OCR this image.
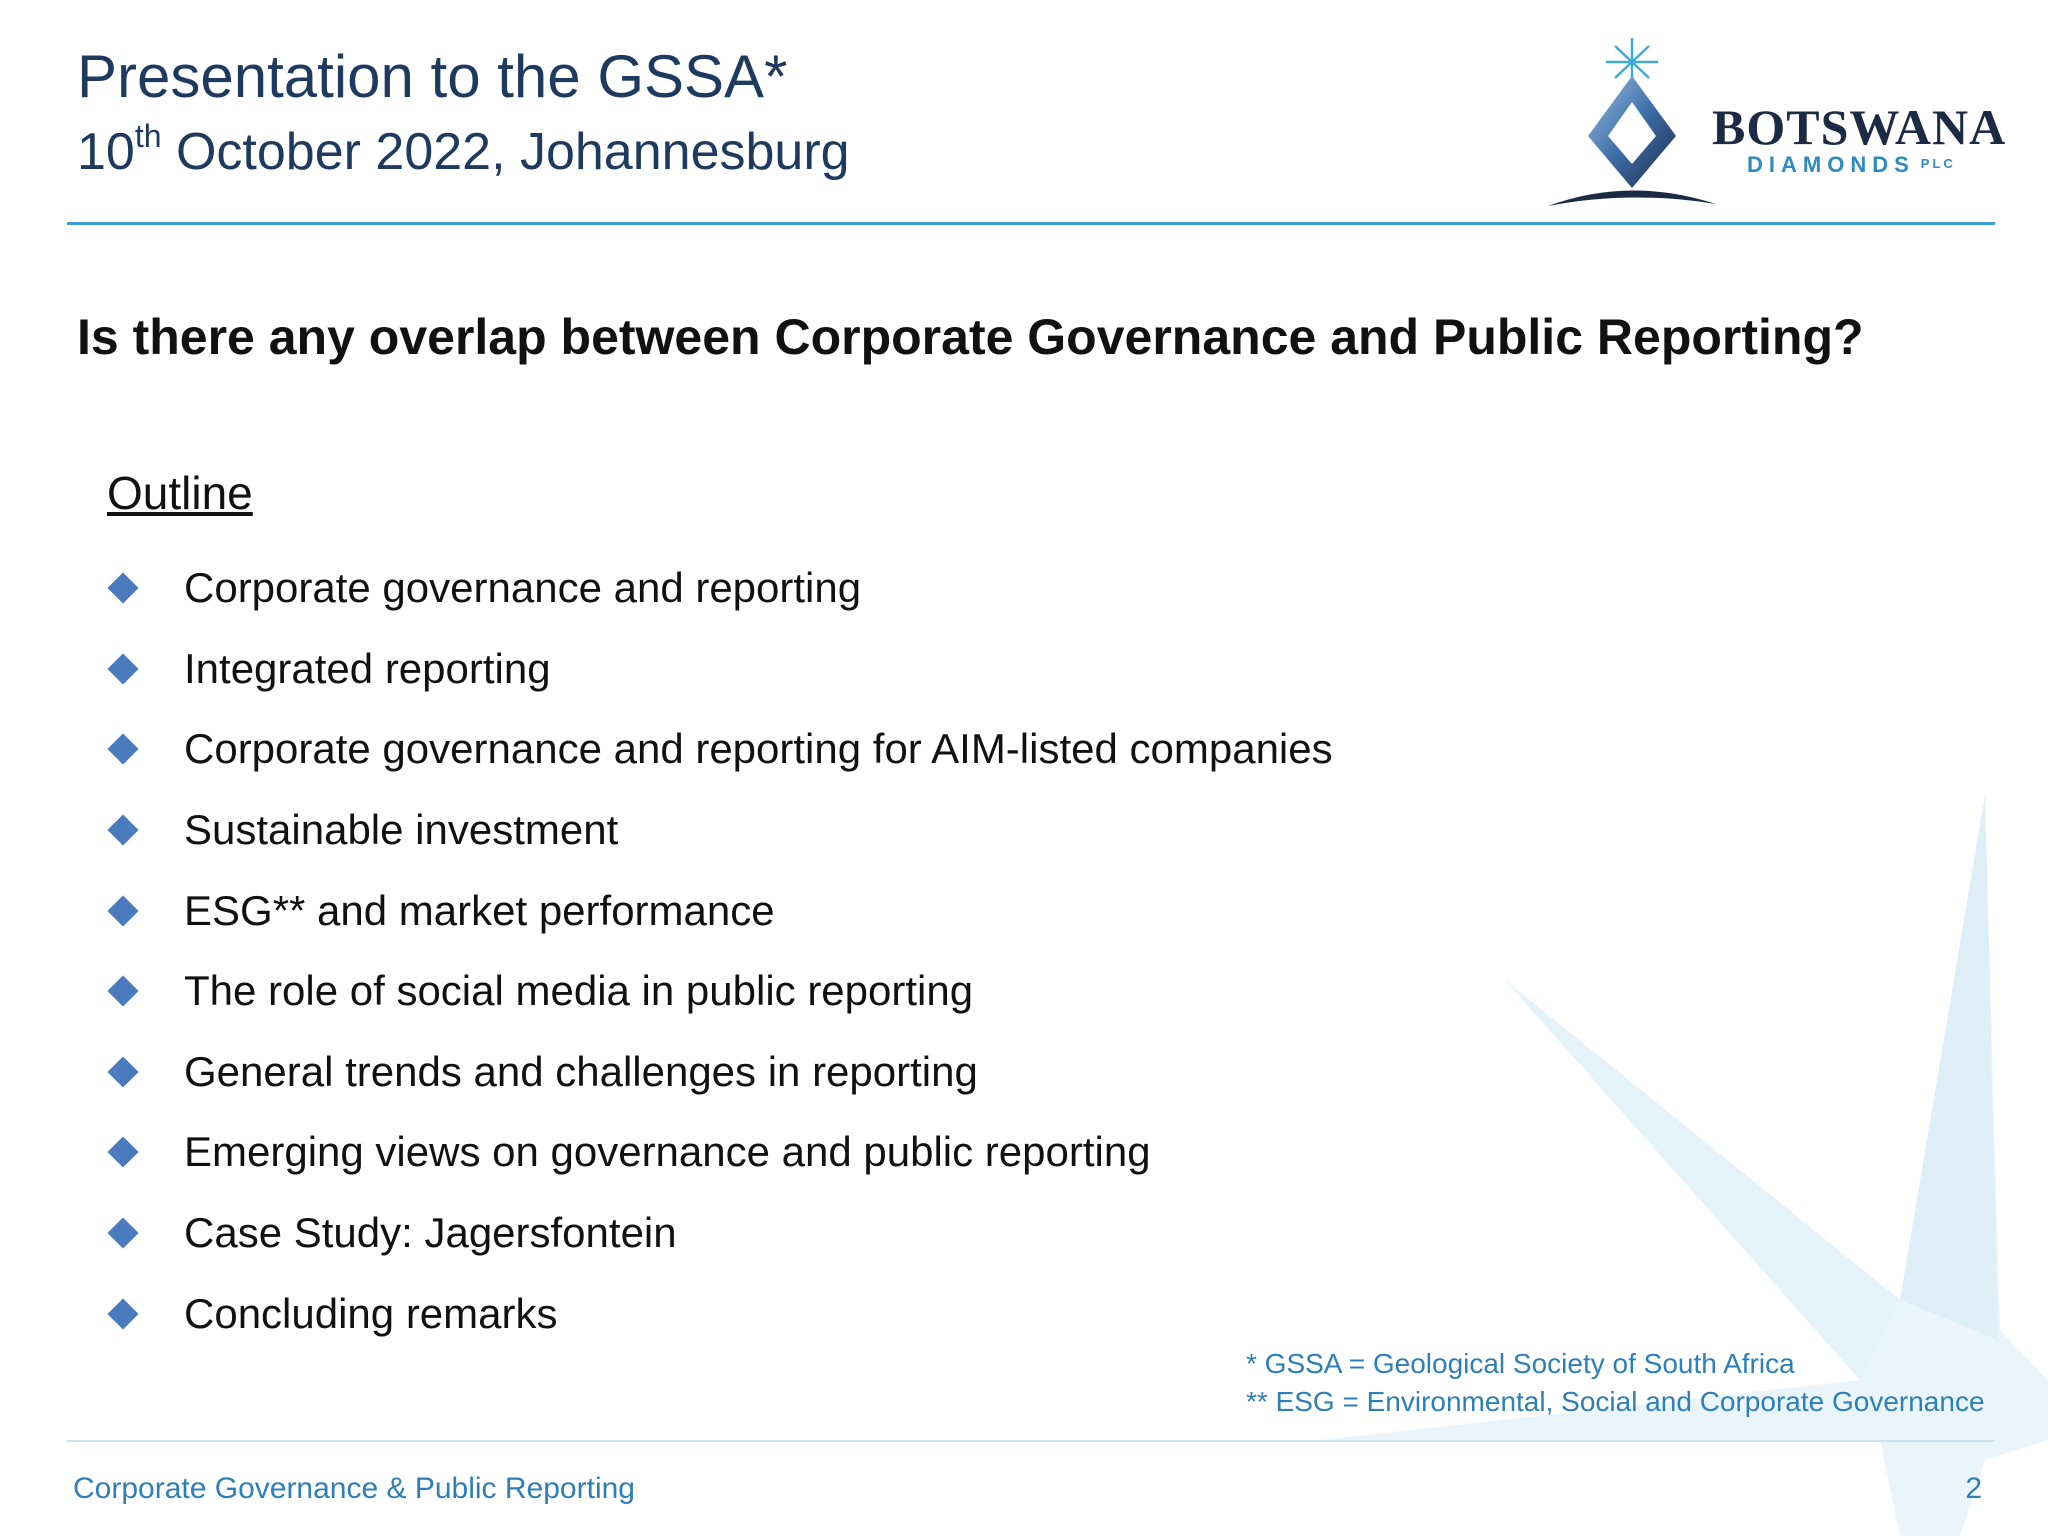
Presentation to the GSSA*
10th October 2022, Johannesburg	BOTSWANA
DIAMONDS PLC
Is there any overlap between Corporate Governance and Public Reporting?
Outline
Corporate governance and reporting
Integrated reporting
Corporate governance and reporting for AIM-listed companies
Sustainable investment
ESG** and market performance
The role of social media in public reporting
General trends and challenges in reporting
Emerging views on governance and public reporting
Case Study: Jagersfontein
Concluding remarks
* GSSA = Geological Society of South Africa
** ESG = Environmental, Social and Corporate Governance
Corporate Governance & Public Reporting	2
